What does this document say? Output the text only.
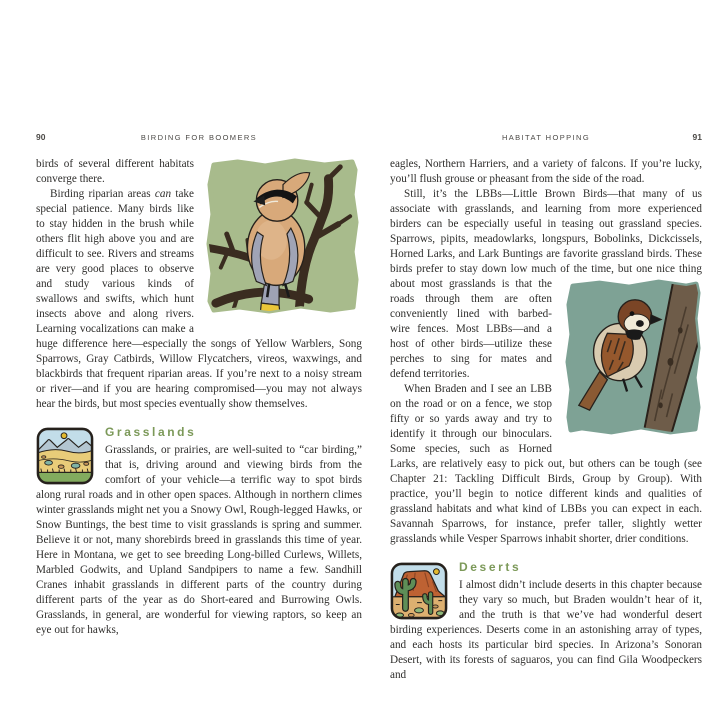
90	BIRDING FOR BOOMERS

birds of several different habitats converge there.

Birding riparian areas can take special patience. Many birds like to stay hidden in the brush while others flit high above you and are difficult to see. Rivers and streams are very good places to observe and study various kinds of swallows and swifts, which hunt insects above and along rivers. Learning vocalizations can make a huge difference here—especially the songs of Yellow Warblers, Song Sparrows, Gray Catbirds, Willow Flycatchers, vireos, waxwings, and blackbirds that frequent riparian areas. If you’re next to a noisy stream or river—and if you are hearing compromised—you may not always hear the birds, but most species eventually show themselves.

Grasslands

Grasslands, or prairies, are well-suited to “car birding,” that is, driving around and viewing birds from the comfort of your vehicle—a terrific way to spot birds along rural roads and in other open spaces. Although in northern climes winter grasslands might net you a Snowy Owl, Rough-legged Hawks, or Snow Buntings, the best time to visit grasslands is spring and summer. Believe it or not, many shorebirds breed in grasslands this time of year. Here in Montana, we get to see breeding Long-billed Curlews, Willets, Marbled Godwits, and Upland Sandpipers to name a few. Sandhill Cranes inhabit grasslands in different parts of the country during different parts of the year as do Short-eared and Burrowing Owls. Grasslands, in general, are wonderful for viewing raptors, so keep an eye out for hawks,

HABITAT HOPPING	91

eagles, Northern Harriers, and a variety of falcons. If you’re lucky, you’ll flush grouse or pheasant from the side of the road.

Still, it’s the LBBs—Little Brown Birds—that many of us associate with grasslands, and learning from more experienced birders can be especially useful in teasing out grassland species. Sparrows, pipits, meadowlarks, longspurs, Bobolinks, Dickcissels, Horned Larks, and Lark Buntings are favorite grassland birds. These birds prefer to stay down low much of
the time, but one nice thing about most grasslands is that the roads through them are often conveniently lined with barbed-wire fences. Most LBBs—and a host of other birds—utilize these perches to sing for mates and defend territories.

When Braden and I see an LBB on the road or on a fence, we stop fifty or so yards away and try to identify it through our binoculars. Some species, such as Horned Larks, are relatively easy to pick out, but others can be tough (see Chapter 21: Tackling Difficult Birds, Group by Group). With practice, you’ll begin to notice different kinds and qualities of grassland habitats and what kind of LBBs you can expect in each. Savannah Sparrows, for instance, prefer taller, slightly wetter grasslands while Vesper Sparrows inhabit shorter, drier conditions.

Deserts

I almost didn’t include deserts in this chapter because they vary so much, but Braden wouldn’t hear of it, and the truth is that we’ve had wonderful desert birding experiences. Deserts come in an astonishing array of types, and each hosts its particular bird species. In Arizona’s Sonoran Desert, with its forests of saguaros, you can find Gila Woodpeckers and
